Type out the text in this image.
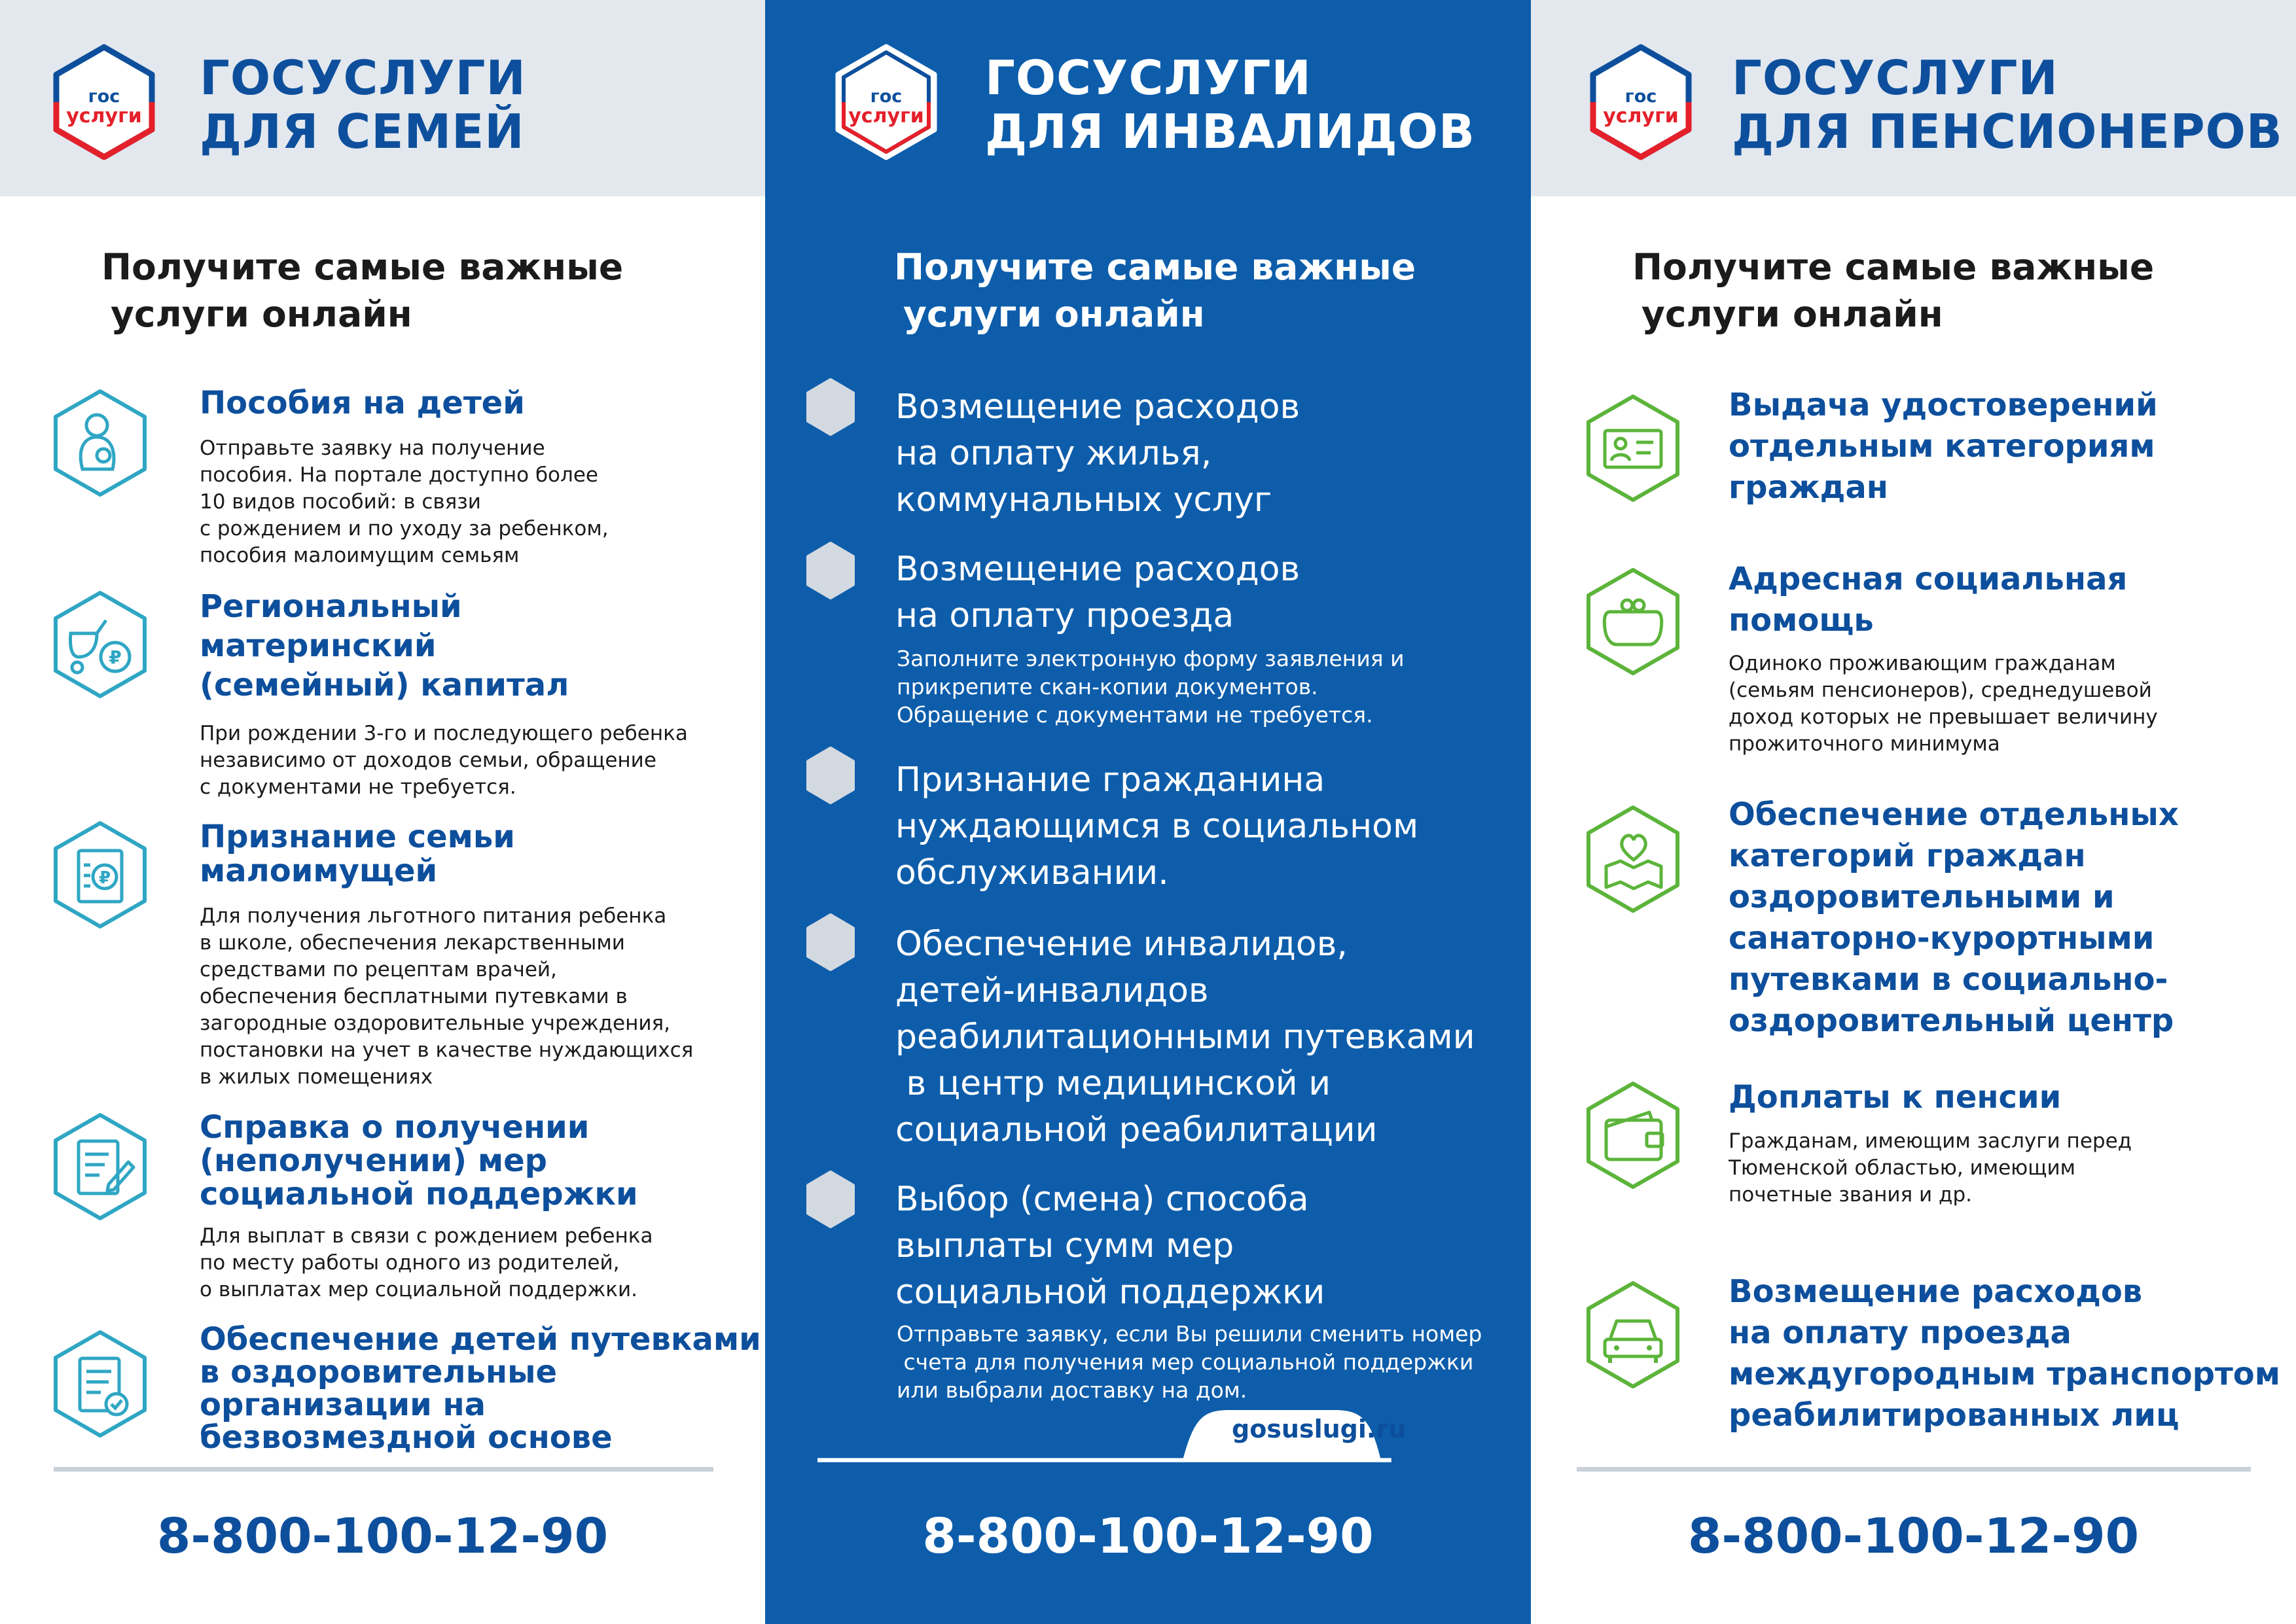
гос
услуги
ГОСУСЛУГИ
ДЛЯ СЕМЕЙ
Получите самые важные
услуги онлайн
Пособия на детей
Отправьте заявку на получение
пособия. На портале доступно более
10 видов пособий: в связи
с рождением и по уходу за ребенком,
пособия малоимущим семьям
₽
Региональный
материнский
(семейный) капитал
При рождении 3-го и последующего ребенка
независимо от доходов семьи, обращение
с документами не требуется.
₽
Признание семьи
малоимущей
Для получения льготного питания ребенка
в школе, обеспечения лекарственными
средствами по рецептам врачей,
обеспечения бесплатными путевками в
загородные оздоровительные учреждения,
постановки на учет в качестве нуждающихся
в жилых помещениях
Справка о получении
(неполучении) мер
социальной поддержки
Для выплат в связи с рождением ребенка
по месту работы одного из родителей,
о выплатах мер социальной поддержки.
Обеспечение детей путевками
в оздоровительные
организации на
безвозмездной основе
8-800-100-12-90
гос
услуги
ГОСУСЛУГИ
ДЛЯ ИНВАЛИДОВ
Получите самые важные
услуги онлайн
Возмещение расходов
на оплату жилья,
коммунальных услуг
Возмещение расходов
на оплату проезда
Заполните электронную форму заявления и
прикрепите скан-копии документов.
Обращение с документами не требуется.
Признание гражданина
нуждающимся в социальном
обслуживании.
Обеспечение инвалидов,
детей-инвалидов
реабилитационными путевками
в центр медицинской и
социальной реабилитации
Выбор (смена) способа
выплаты сумм мер
социальной поддержки
Отправьте заявку, если Вы решили сменить номер
счета для получения мер социальной поддержки
или выбрали доставку на дом.
gosuslugi.ru
8-800-100-12-90
гос
услуги
ГОСУСЛУГИ
ДЛЯ ПЕНСИОНЕРОВ
Получите самые важные
услуги онлайн
Выдача удостоверений
отдельным категориям
граждан
Адресная социальная
помощь
Одиноко проживающим гражданам
(семьям пенсионеров), среднедушевой
доход которых не превышает величину
прожиточного минимума
Обеспечение отдельных
категорий граждан
оздоровительными и
санаторно-курортными
путевками в социально-
оздоровительный центр
Доплаты к пенсии
Гражданам, имеющим заслуги перед
Тюменской областью, имеющим
почетные звания и др.
Возмещение расходов
на оплату проезда
междугородным транспортом
реабилитированных лиц
8-800-100-12-90
